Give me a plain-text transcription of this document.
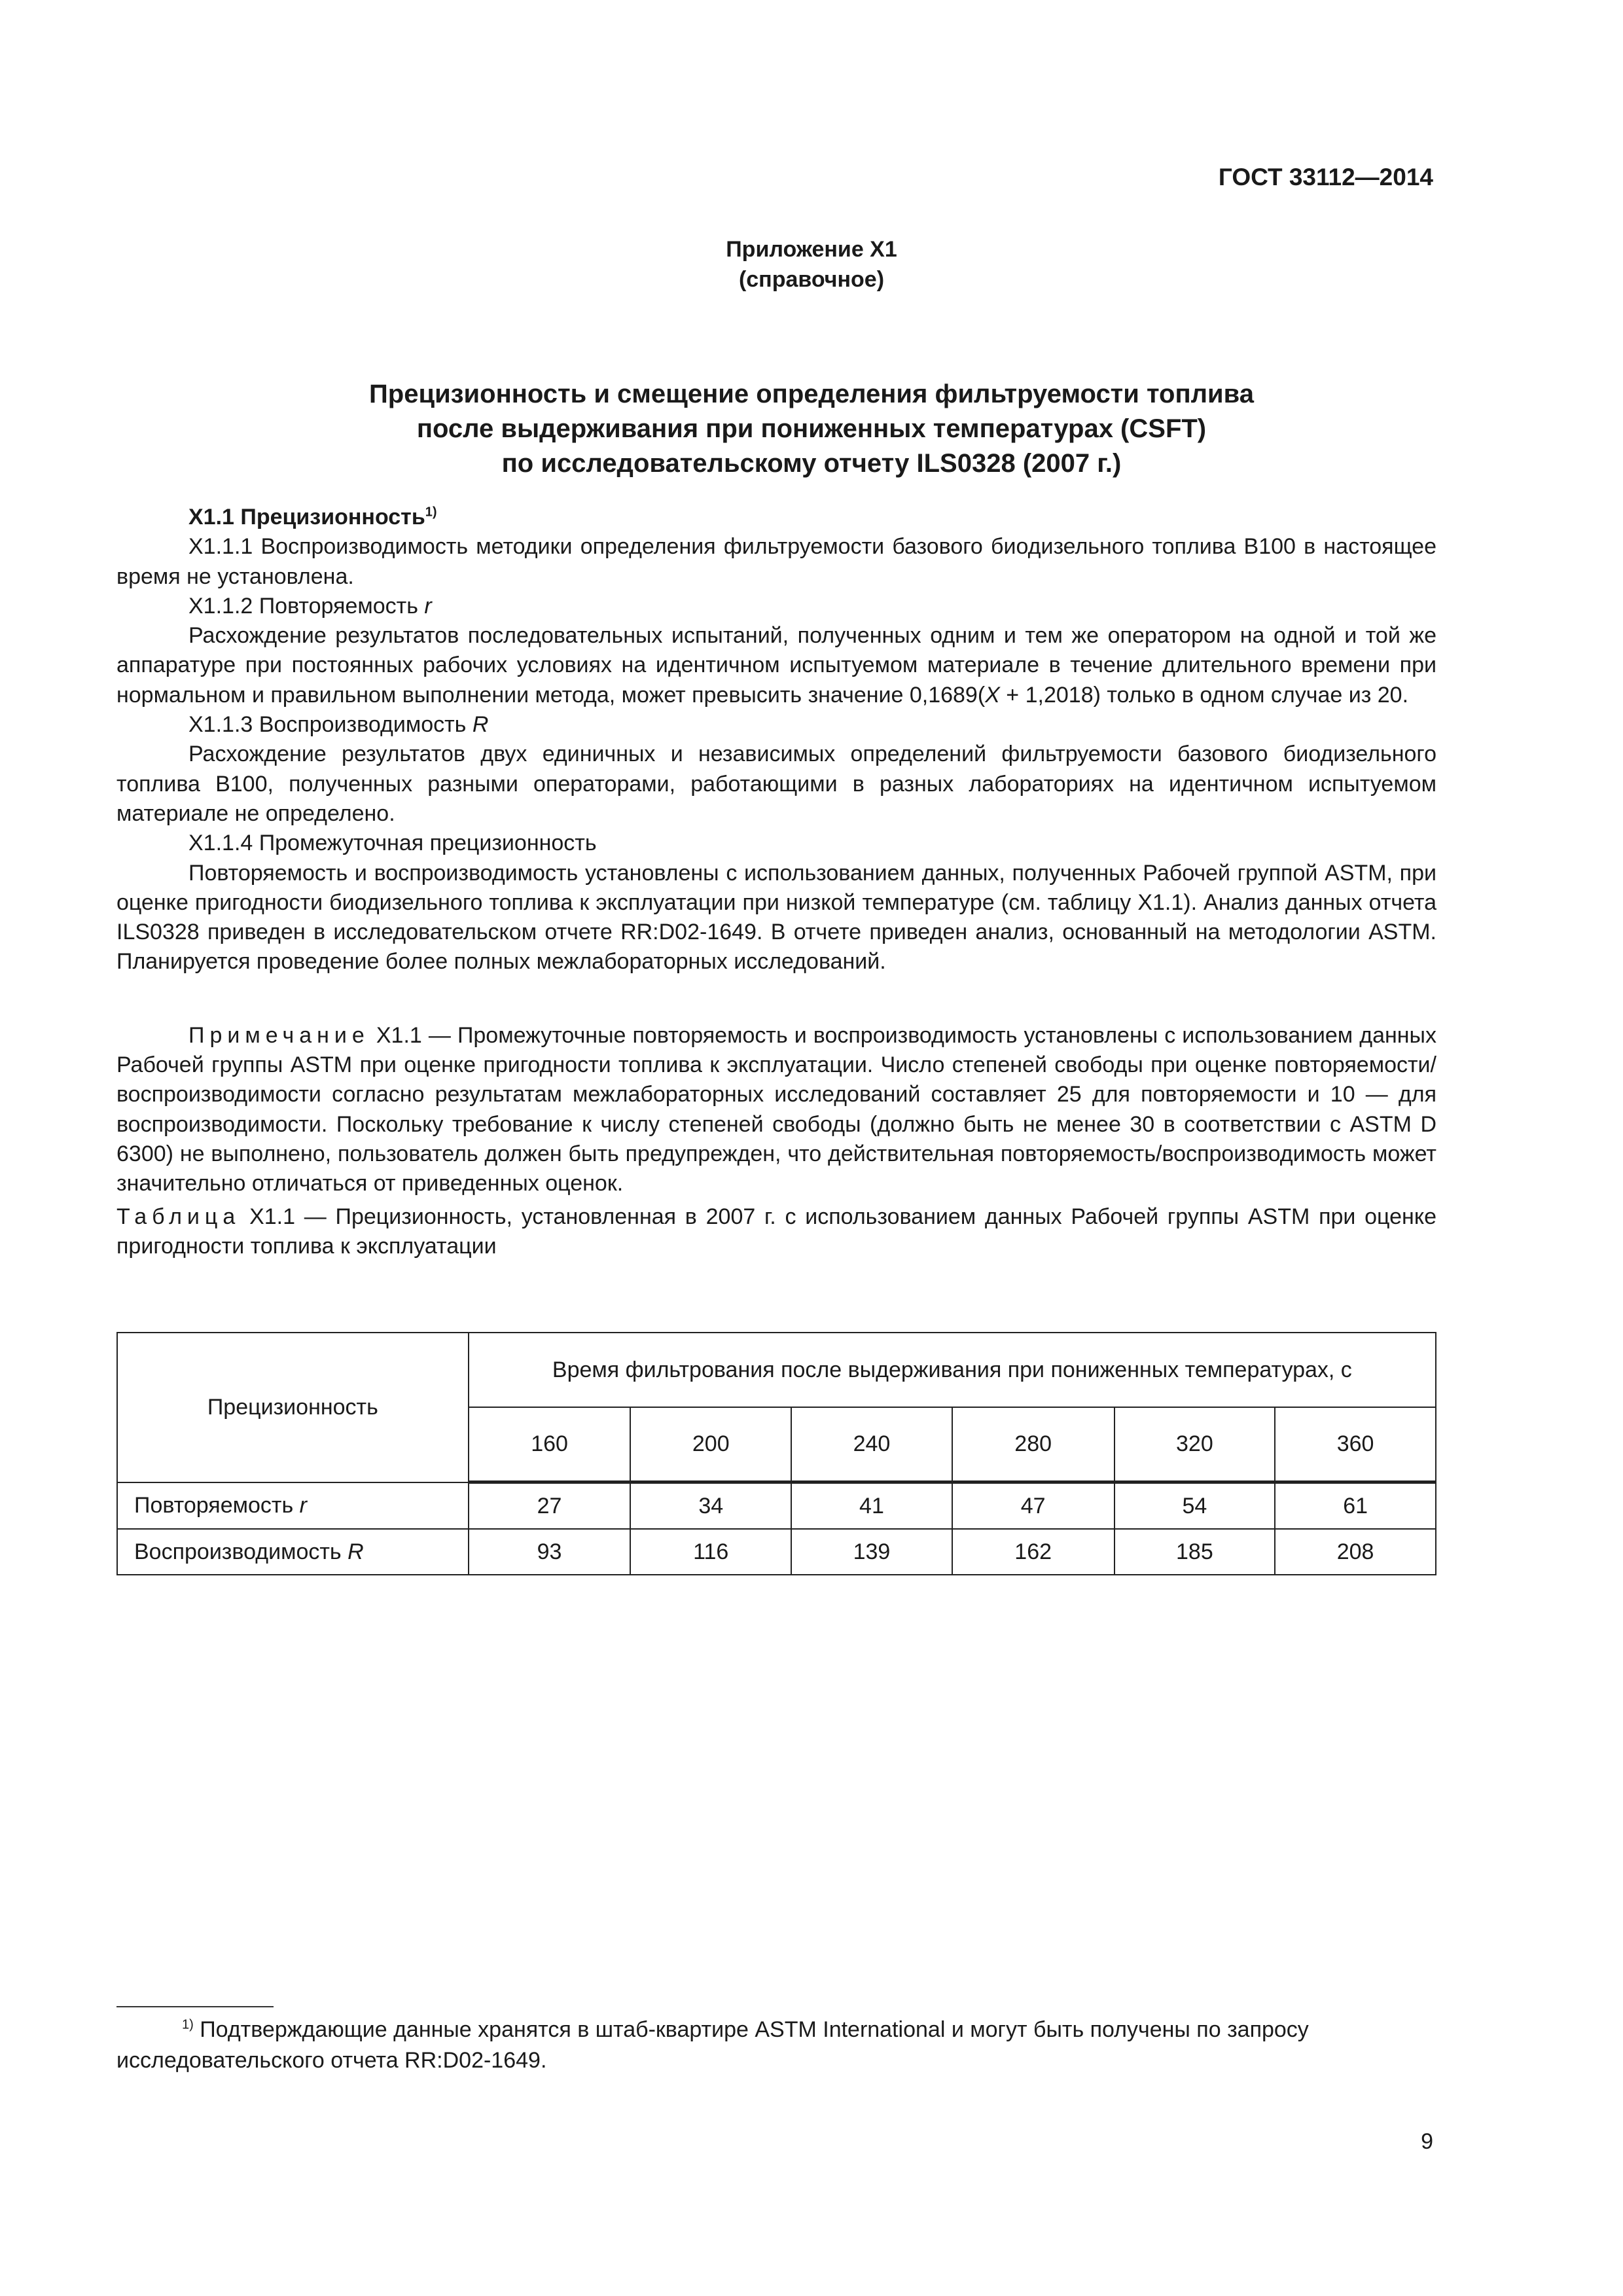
ГОСТ 33112—2014
Приложение X1
(справочное)
Прецизионность и смещение определения фильтруемости топлива
после выдерживания при пониженных температурах (CSFT)
по исследовательскому отчету ILS0328 (2007 г.)

X1.1 Прецизионность$^{1)}$

X1.1.1 Воспроизводимость методики определения фильтруемости базового биодизельного топлива B100 в настоящее время не установлена.

X1.1.2 Повторяемость r

Расхождение результатов последовательных испытаний, полученных одним и тем же оператором на одной и той же аппаратуре при постоянных рабочих условиях на идентичном испытуемом материале в течение длительного времени при нормальном и правильном выполнении метода, может превысить значение 0,1689(X + 1,2018) только в одном случае из 20.

X1.1.3 Воспроизводимость R

Расхождение результатов двух единичных и независимых определений фильтруемости базового биодизельного топлива B100, полученных разными операторами, работающими в разных лабораториях на идентичном испытуемом материале не определено.

X1.1.4 Промежуточная прецизионность

Повторяемость и воспроизводимость установлены с использованием данных, полученных Рабочей группой ASTM, при оценке пригодности биодизельного топлива к эксплуатации при низкой температуре (см. таблицу X1.1). Анализ данных отчета ILS0328 приведен в исследовательском отчете RR:D02-1649. В отчете приведен анализ, основанный на методологии ASTM. Планируется проведение более полных межлабораторных исследований.

Примечание X1.1 — Промежуточные повторяемость и воспроизводимость установлены с использованием данных Рабочей группы ASTM при оценке пригодности топлива к эксплуатации. Число степеней свободы при оценке повторяемости/воспроизводимости согласно результатам межлабораторных исследований составляет 25 для повторяемости и 10 — для воспроизводимости. Поскольку требование к числу степеней свободы (должно быть не менее 30 в соответствии с ASTM D 6300) не выполнено, пользователь должен быть предупрежден, что действительная повторяемость/воспроизводимость может значительно отличаться от приведенных оценок.

Таблица X1.1 — Прецизионность, установленная в 2007 г. с использованием данных Рабочей группы ASTM при оценке пригодности топлива к эксплуатации

Прецизионность	Время фильтрования после выдерживания при пониженных температурах, с					
	160	200	240	280	320	360
Повторяемость r	27	34	41	47	54	61
Воспроизводимость R	93	116	139	162	185	208

$^{1)}$ Подтверждающие данные хранятся в штаб-квартире ASTM International и могут быть получены по запросу исследовательского отчета RR:D02-1649.

9
